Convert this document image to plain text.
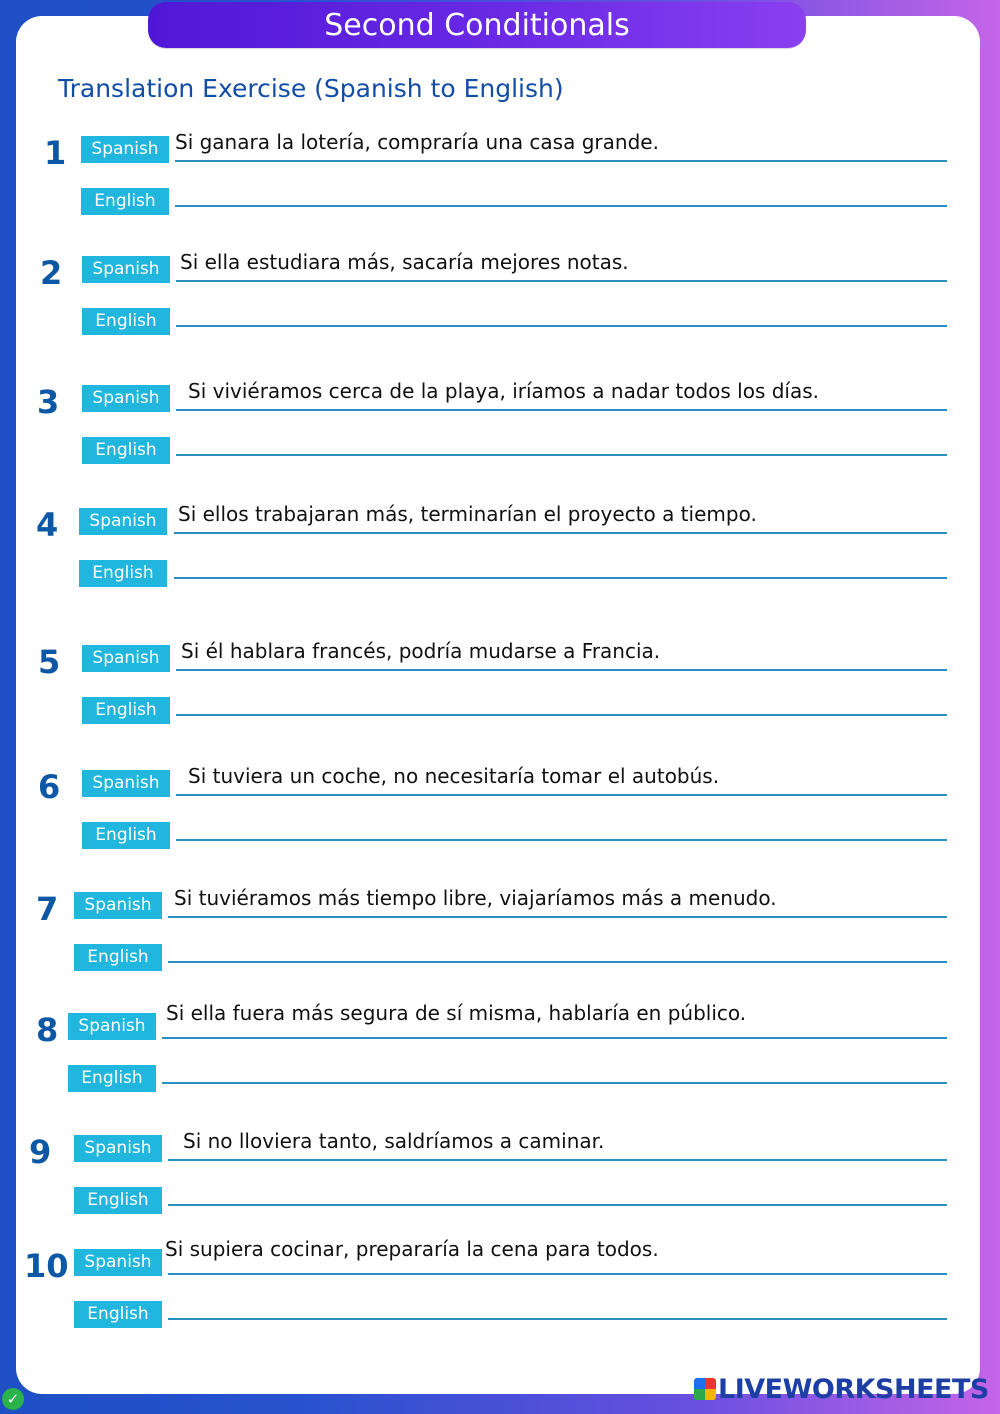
Second Conditionals
Translation Exercise (Spanish to English)
1	Spanish Si ganara la lotería, compraría una casa grande.
English
2	Spanish	Si ella estudiara más, sacaría mejores notas.
English
3	Spanish	Si viviéramos cerca de la playa, iríamos a nadar todos los días.
English
4	Spanish	Si ellos trabajaran más, terminarían el proyecto a tiempo.
English
5	Spanish	Si él hablara francés, podría mudarse a Francia.
English
6	Spanish	Si tuviera un coche, no necesitaría tomar el autobús.
English
7	Spanish	Si tuviéramos más tiempo libre, viajaríamos más a menudo.
English
8	Spanish
Si ella fuera más segura de sí misma, hablaría en público.
English
9	Spanish	Si no lloviera tanto, saldríamos a caminar.
English
10 Spanish
Si supiera cocinar, prepararía la cena para todos.
English
LIVEWORKSHEETS
✓
